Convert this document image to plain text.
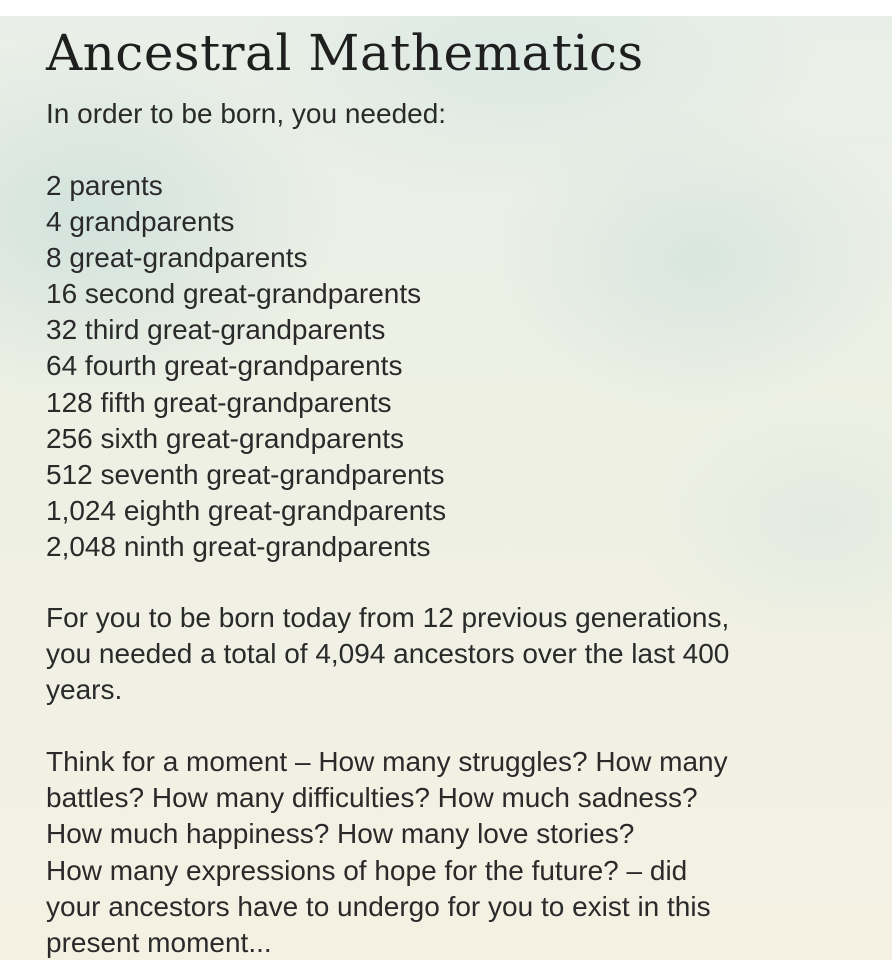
Ancestral Mathematics

In order to be born, you needed:

2 parents
4 grandparents
8 great-grandparents
16 second great-grandparents
32 third great-grandparents
64 fourth great-grandparents
128 fifth great-grandparents
256 sixth great-grandparents
512 seventh great-grandparents
1,024 eighth great-grandparents
2,048 ninth great-grandparents
For you to be born today from 12 previous generations,
you needed a total of 4,094 ancestors over the last 400
years.
Think for a moment – How many struggles? How many
battles? How many difficulties? How much sadness?
How much happiness? How many love stories?
How many expressions of hope for the future? – did
your ancestors have to undergo for you to exist in this
present moment...
